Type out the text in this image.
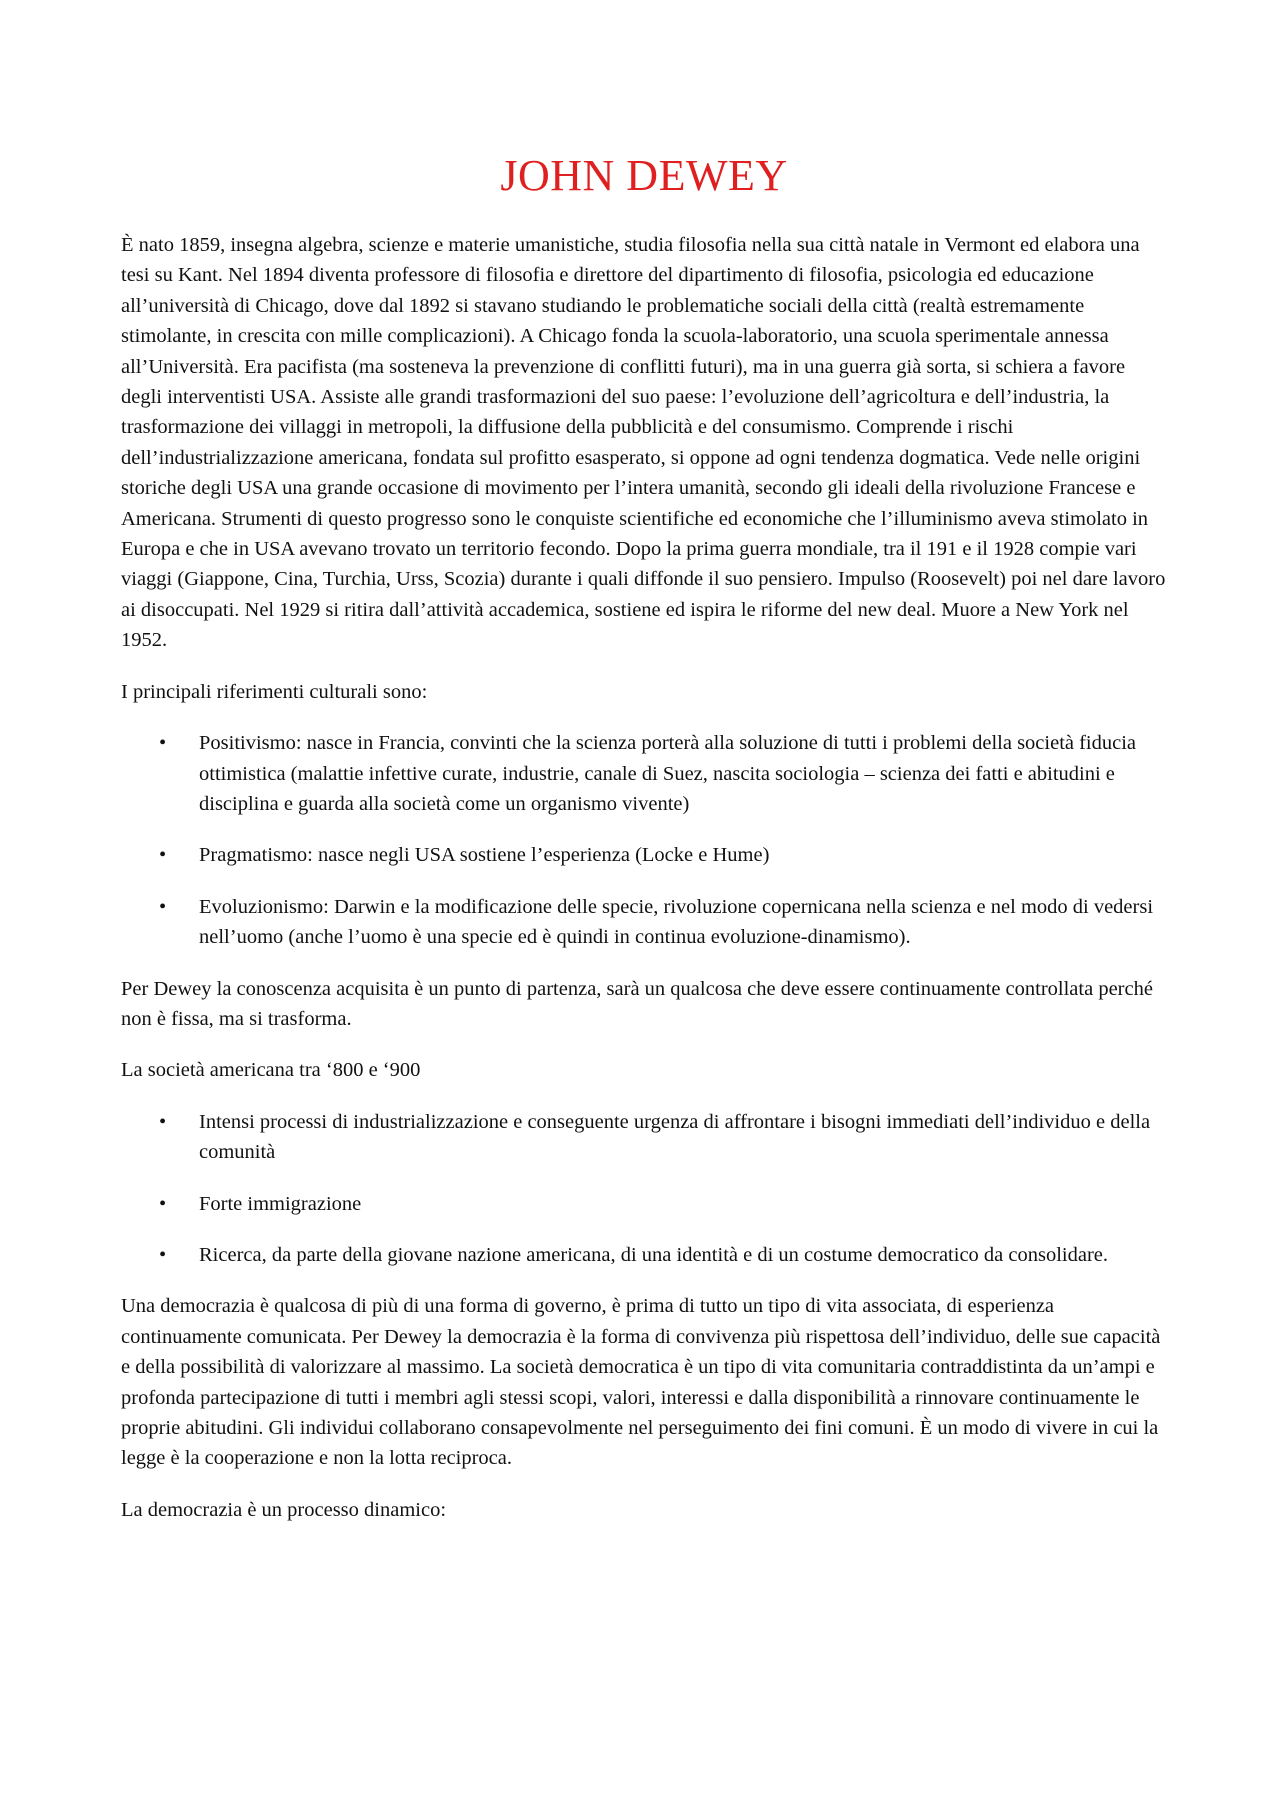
JOHN DEWEY

È nato 1859, insegna algebra, scienze e materie umanistiche, studia filosofia nella sua città natale in Vermont ed elabora una tesi su Kant. Nel 1894 diventa professore di filosofia e direttore del dipartimento di filosofia, psicologia ed educazione all’università di Chicago, dove dal 1892 si stavano studiando le problematiche sociali della città (realtà estremamente stimolante, in crescita con mille complicazioni). A Chicago fonda la scuola-laboratorio, una scuola sperimentale annessa all’Università. Era pacifista (ma sosteneva la prevenzione di conflitti futuri), ma in una guerra già sorta, si schiera a favore degli interventisti USA. Assiste alle grandi trasformazioni del suo paese: l’evoluzione dell’agricoltura e dell’industria, la trasformazione dei villaggi in metropoli, la diffusione della pubblicità e del consumismo. Comprende i rischi dell’industrializzazione americana, fondata sul profitto esasperato, si oppone ad ogni tendenza dogmatica. Vede nelle origini storiche degli USA una grande occasione di movimento per l’intera umanità, secondo gli ideali della rivoluzione Francese e Americana. Strumenti di questo progresso sono le conquiste scientifiche ed economiche che l’illuminismo aveva stimolato in Europa e che in USA avevano trovato un territorio fecondo. Dopo la prima guerra mondiale, tra il 191 e il 1928 compie vari viaggi (Giappone, Cina, Turchia, Urss, Scozia) durante i quali diffonde il suo pensiero. Impulso (Roosevelt) poi nel dare lavoro ai disoccupati. Nel 1929 si ritira dall’attività accademica, sostiene ed ispira le riforme del new deal. Muore a New York nel 1952.

I principali riferimenti culturali sono:

•	Positivismo: nasce in Francia, convinti che la scienza porterà alla soluzione di tutti i problemi della società fiducia ottimistica (malattie infettive curate, industrie, canale di Suez, nascita sociologia – scienza dei fatti e abitudini e disciplina e guarda alla società come un organismo vivente)
•	Pragmatismo: nasce negli USA sostiene l’esperienza (Locke e Hume)
•	Evoluzionismo: Darwin e la modificazione delle specie, rivoluzione copernicana nella scienza e nel modo di vedersi nell’uomo (anche l’uomo è una specie ed è quindi in continua evoluzione-dinamismo).

Per Dewey la conoscenza acquisita è un punto di partenza, sarà un qualcosa che deve essere continuamente controllata perché non è fissa, ma si trasforma.

La società americana tra ‘800 e ‘900

•	Intensi processi di industrializzazione e conseguente urgenza di affrontare i bisogni immediati dell’individuo e della comunità
•	Forte immigrazione
•	Ricerca, da parte della giovane nazione americana, di una identità e di un costume democratico da consolidare.

Una democrazia è qualcosa di più di una forma di governo, è prima di tutto un tipo di vita associata, di esperienza continuamente comunicata. Per Dewey la democrazia è la forma di convivenza più rispettosa dell’individuo, delle sue capacità e della possibilità di valorizzare al massimo. La società democratica è un tipo di vita comunitaria contraddistinta da un’ampi e profonda partecipazione di tutti i membri agli stessi scopi, valori, interessi e dalla disponibilità a rinnovare continuamente le proprie abitudini. Gli individui collaborano consapevolmente nel perseguimento dei fini comuni. È un modo di vivere in cui la legge è la cooperazione e non la lotta reciproca.

La democrazia è un processo dinamico:
